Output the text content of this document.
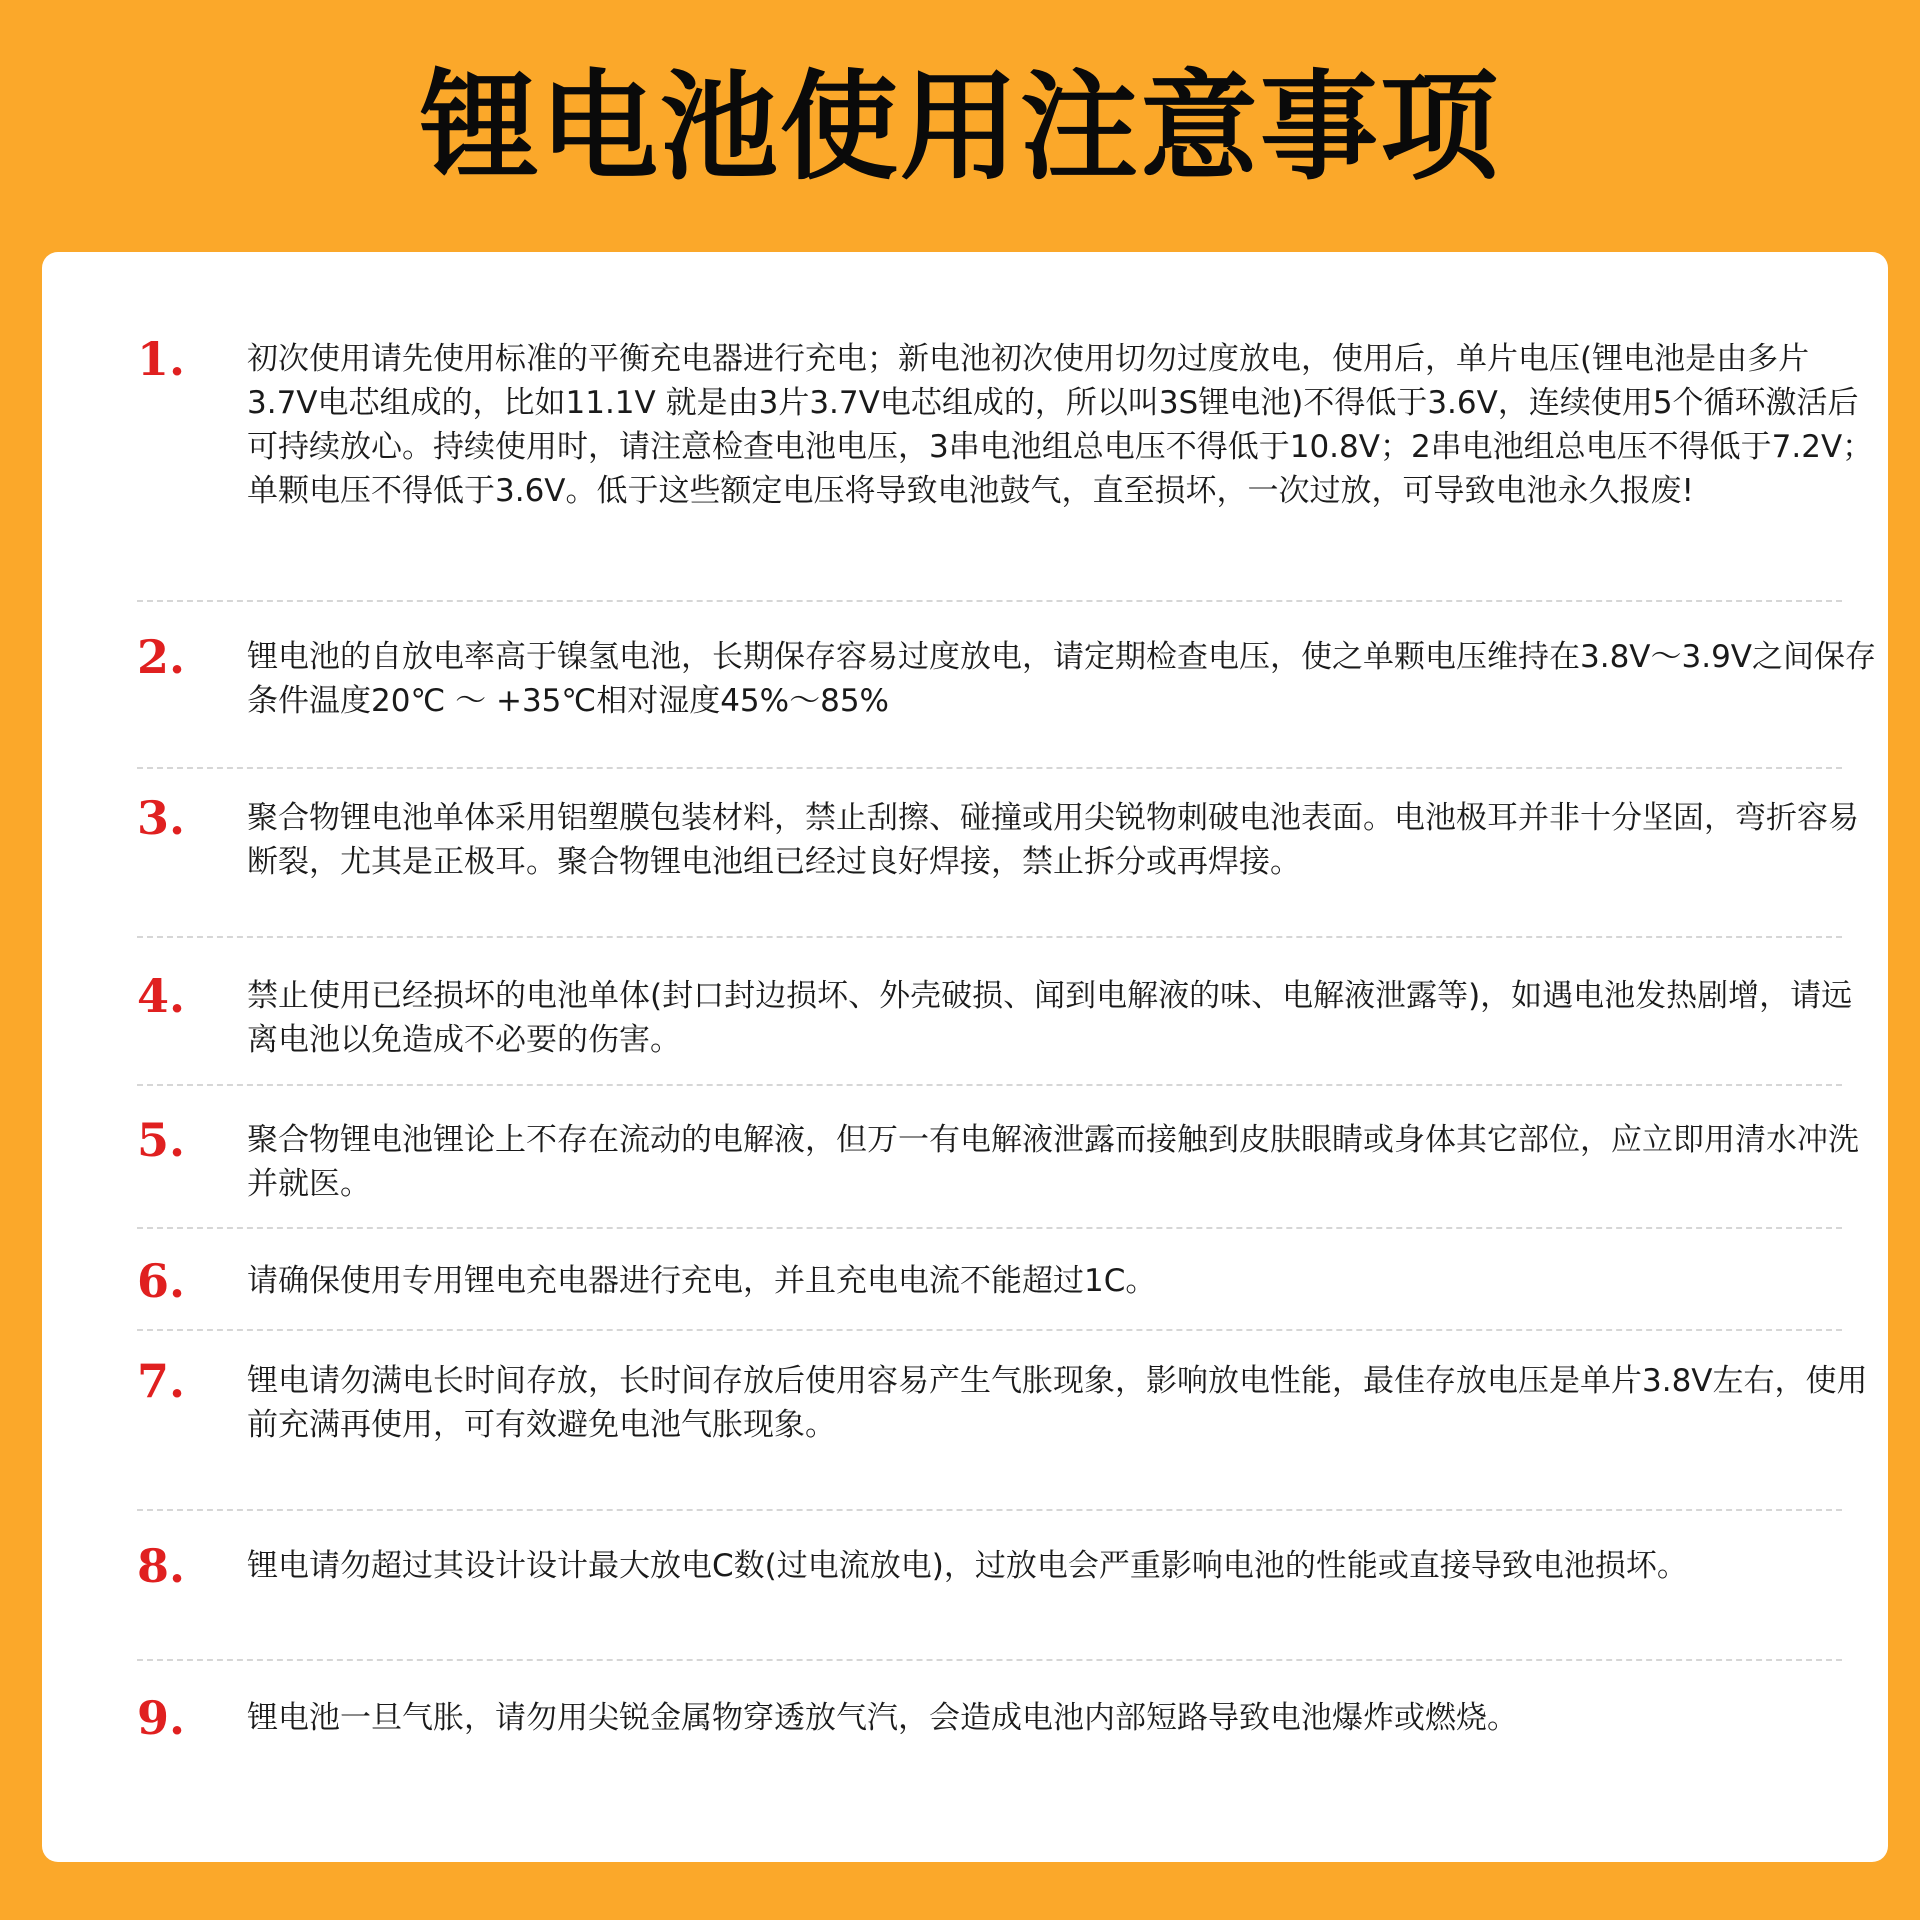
锂电池使用注意事项
1.	初次使用请先使用标准的平衡充电器进行充电；新电池初次使用切勿过度放电，使用后，单片电压(锂电池是由多片3.7V电芯组成的，比如11.1V 就是由3片3.7V电芯组成的，所以叫3S锂电池)不得低于3.6V，连续使用5个循环激活后可持续放心。持续使用时，请注意检查电池电压，3串电池组总电压不得低于10.8V；2串电池组总电压不得低于7.2V；单颗电压不得低于3.6V。低于这些额定电压将导致电池鼓气，直至损坏，一次过放，可导致电池永久报废!
2.	锂电池的自放电率高于镍氢电池，长期保存容易过度放电，请定期检查电压，使之单颗电压维持在3.8V～3.9V之间保存条件温度20℃ ～ +35℃相对湿度45%～85%
3.	聚合物锂电池单体采用铝塑膜包装材料，禁止刮擦、碰撞或用尖锐物刺破电池表面。电池极耳并非十分坚固，弯折容易断裂，尤其是正极耳。聚合物锂电池组已经过良好焊接，禁止拆分或再焊接。
4.	禁止使用已经损坏的电池单体(封口封边损坏、外壳破损、闻到电解液的味、电解液泄露等)，如遇电池发热剧增，请远离电池以免造成不必要的伤害。
5.	聚合物锂电池锂论上不存在流动的电解液，但万一有电解液泄露而接触到皮肤眼睛或身体其它部位，应立即用清水冲洗并就医。
6.	请确保使用专用锂电充电器进行充电，并且充电电流不能超过1C。
7.	锂电请勿满电长时间存放，长时间存放后使用容易产生气胀现象，影响放电性能，最佳存放电压是单片3.8V左右，使用前充满再使用，可有效避免电池气胀现象。
8.	锂电请勿超过其设计设计最大放电C数(过电流放电)，过放电会严重影响电池的性能或直接导致电池损坏。
9.	锂电池一旦气胀，请勿用尖锐金属物穿透放气汽，会造成电池内部短路导致电池爆炸或燃烧。
